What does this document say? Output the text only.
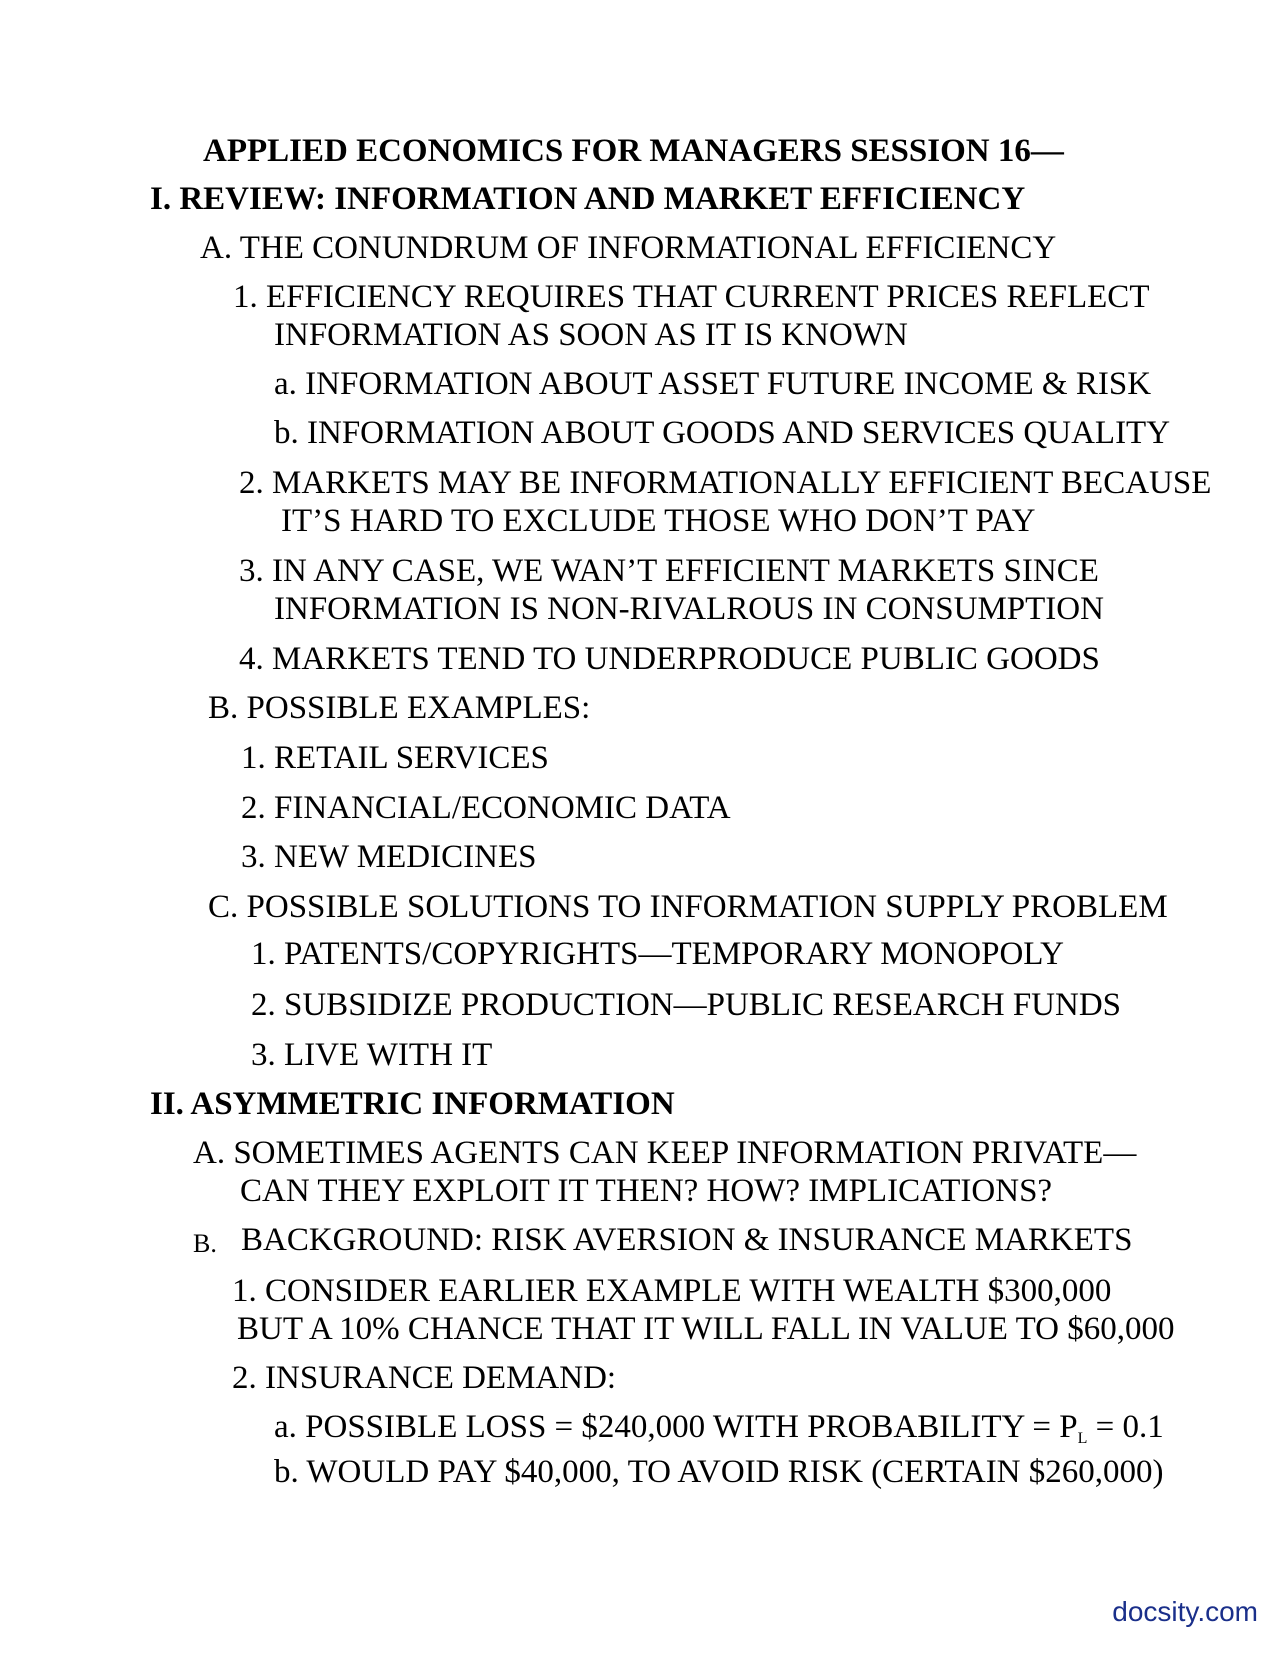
APPLIED ECONOMICS FOR MANAGERS SESSION 16—
I. REVIEW: INFORMATION AND MARKET EFFICIENCY
A. THE CONUNDRUM OF INFORMATIONAL EFFICIENCY
1. EFFICIENCY REQUIRES THAT CURRENT PRICES REFLECT
INFORMATION AS SOON AS IT IS KNOWN
a. INFORMATION ABOUT ASSET FUTURE INCOME & RISK
b. INFORMATION ABOUT GOODS AND SERVICES QUALITY
2. MARKETS MAY BE INFORMATIONALLY EFFICIENT BECAUSE
IT’S HARD TO EXCLUDE THOSE WHO DON’T PAY
3. IN ANY CASE, WE WAN’T EFFICIENT MARKETS SINCE
INFORMATION IS NON-RIVALROUS IN CONSUMPTION
4. MARKETS TEND TO UNDERPRODUCE PUBLIC GOODS
B. POSSIBLE EXAMPLES:
1. RETAIL SERVICES
2. FINANCIAL/ECONOMIC DATA
3. NEW MEDICINES
C. POSSIBLE SOLUTIONS TO INFORMATION SUPPLY PROBLEM
1. PATENTS/COPYRIGHTS—TEMPORARY MONOPOLY
2. SUBSIDIZE PRODUCTION—PUBLIC RESEARCH FUNDS
3. LIVE WITH IT
II. ASYMMETRIC INFORMATION
A. SOMETIMES AGENTS CAN KEEP INFORMATION PRIVATE—
CAN THEY EXPLOIT IT THEN? HOW? IMPLICATIONS?
B. BACKGROUND: RISK AVERSION & INSURANCE MARKETS
1. CONSIDER EARLIER EXAMPLE WITH WEALTH $300,000
BUT A 10% CHANCE THAT IT WILL FALL IN VALUE TO $60,000
2. INSURANCE DEMAND:
a. POSSIBLE LOSS = $240,000 WITH PROBABILITY = PL = 0.1
b. WOULD PAY $40,000, TO AVOID RISK (CERTAIN $260,000)
docsity.com
